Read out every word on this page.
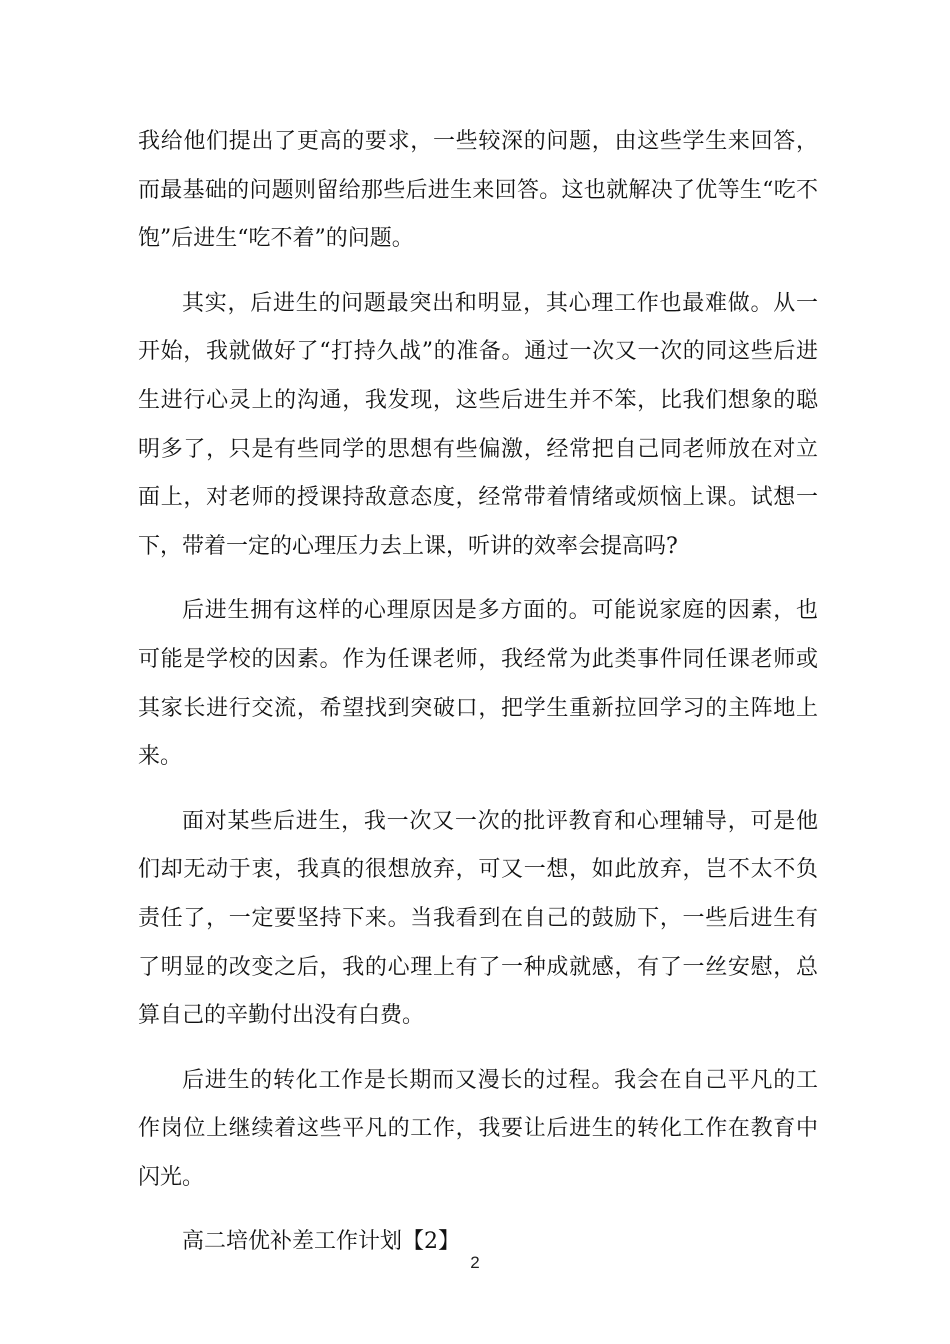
我给他们提出了更高的要求，一些较深的问题，由这些学生来回答，而最基础的问题则留给那些后进生来回答。这也就解决了优等生“吃不饱”后进生“吃不着”的问题。

其实，后进生的问题最突出和明显，其心理工作也最难做。从一开始，我就做好了“打持久战”的准备。通过一次又一次的同这些后进生进行心灵上的沟通，我发现，这些后进生并不笨，比我们想象的聪明多了，只是有些同学的思想有些偏激，经常把自己同老师放在对立面上，对老师的授课持敌意态度，经常带着情绪或烦恼上课。试想一下，带着一定的心理压力去上课，听讲的效率会提高吗?

后进生拥有这样的心理原因是多方面的。可能说家庭的因素，也可能是学校的因素。作为任课老师，我经常为此类事件同任课老师或其家长进行交流，希望找到突破口，把学生重新拉回学习的主阵地上来。

面对某些后进生，我一次又一次的批评教育和心理辅导，可是他们却无动于衷，我真的很想放弃，可又一想，如此放弃，岂不太不负责任了，一定要坚持下来。当我看到在自己的鼓励下，一些后进生有了明显的改变之后，我的心理上有了一种成就感，有了一丝安慰，总算自己的辛勤付出没有白费。

后进生的转化工作是长期而又漫长的过程。我会在自己平凡的工作岗位上继续着这些平凡的工作，我要让后进生的转化工作在教育中闪光。

高二培优补差工作计划【2】

2
